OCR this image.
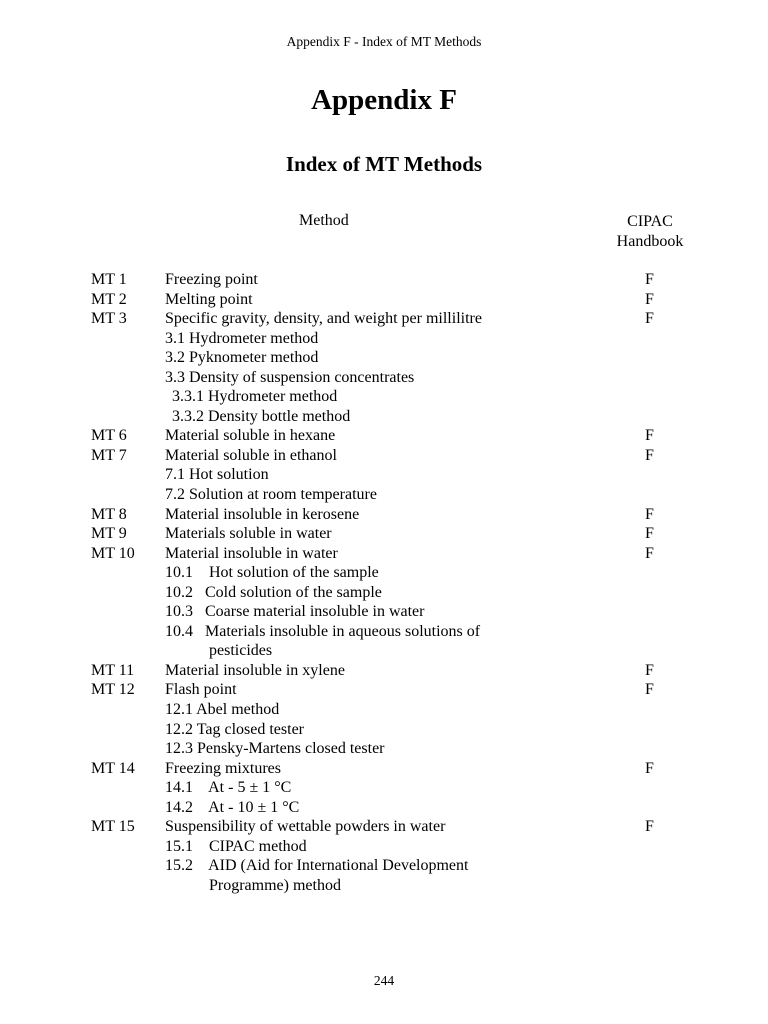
Appendix F - Index of MT Methods
Appendix F
Index of MT Methods
Method	CIPAC
Handbook
MT 1 Freezing point	F
MT 2 Melting point	F
MT 3 Specific gravity, density, and weight per millilitre	F
3.1 Hydrometer method
3.2 Pyknometer method
3.3 Density of suspension concentrates
3.3.1 Hydrometer method
3.3.2 Density bottle method
MT 6 Material soluble in hexane	F
MT 7 Material soluble in ethanol	F
7.1 Hot solution
7.2 Solution at room temperature
MT 8 Material insoluble in kerosene	F
MT 9 Materials soluble in water	F
MT 10 Material insoluble in water	F
10.1    Hot solution of the sample
10.2   Cold solution of the sample
10.3   Coarse material insoluble in water
10.4   Materials insoluble in aqueous solutions of
pesticides
MT 11 Material insoluble in xylene	F
MT 12 Flash point	F
12.1 Abel method
12.2 Tag closed tester
12.3 Pensky-Martens closed tester
MT 14 Freezing mixtures	F
14.1    At - 5 ± 1 °C
14.2    At - 10 ± 1 °C
MT 15 Suspensibility of wettable powders in water	F
15.1    CIPAC method
15.2    AID (Aid for International Development
Programme) method
244
